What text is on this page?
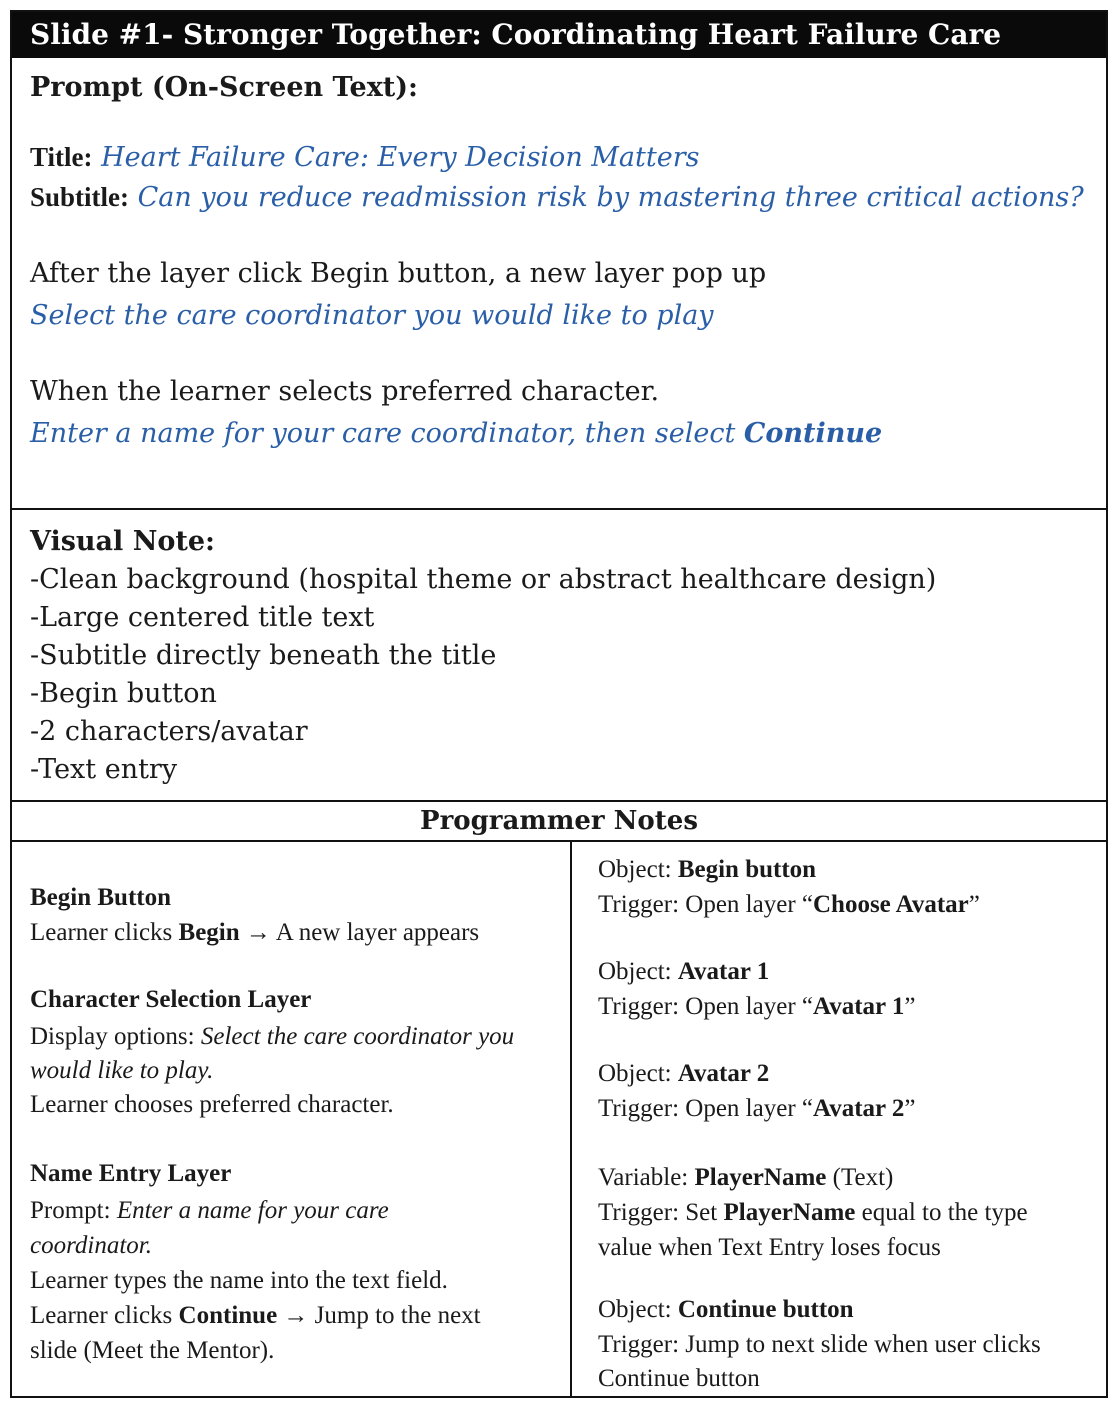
Slide #1- Stronger Together: Coordinating Heart Failure Care
Prompt (On-Screen Text):
Title: Heart Failure Care: Every Decision Matters
Subtitle: Can you reduce readmission risk by mastering three critical actions?
After the layer click Begin button, a new layer pop up
Select the care coordinator you would like to play
When the learner selects preferred character.
Enter a name for your care coordinator, then select Continue
Visual Note:
-Clean background (hospital theme or abstract healthcare design)
-Large centered title text
-Subtitle directly beneath the title
-Begin button
-2 characters/avatar
-Text entry
Programmer Notes
Begin Button
Learner clicks Begin → A new layer appears
Character Selection Layer
Display options: Select the care coordinator you
would like to play.
Learner chooses preferred character.
Name Entry Layer
Prompt: Enter a name for your care
coordinator.
Learner types the name into the text field.
Learner clicks Continue → Jump to the next
slide (Meet the Mentor).
Object: Begin button
Trigger: Open layer “Choose Avatar”
Object: Avatar 1
Trigger: Open layer “Avatar 1”
Object: Avatar 2
Trigger: Open layer “Avatar 2”
Variable: PlayerName (Text)
Trigger: Set PlayerName equal to the type
value when Text Entry loses focus
Object: Continue button
Trigger: Jump to next slide when user clicks
Continue button
